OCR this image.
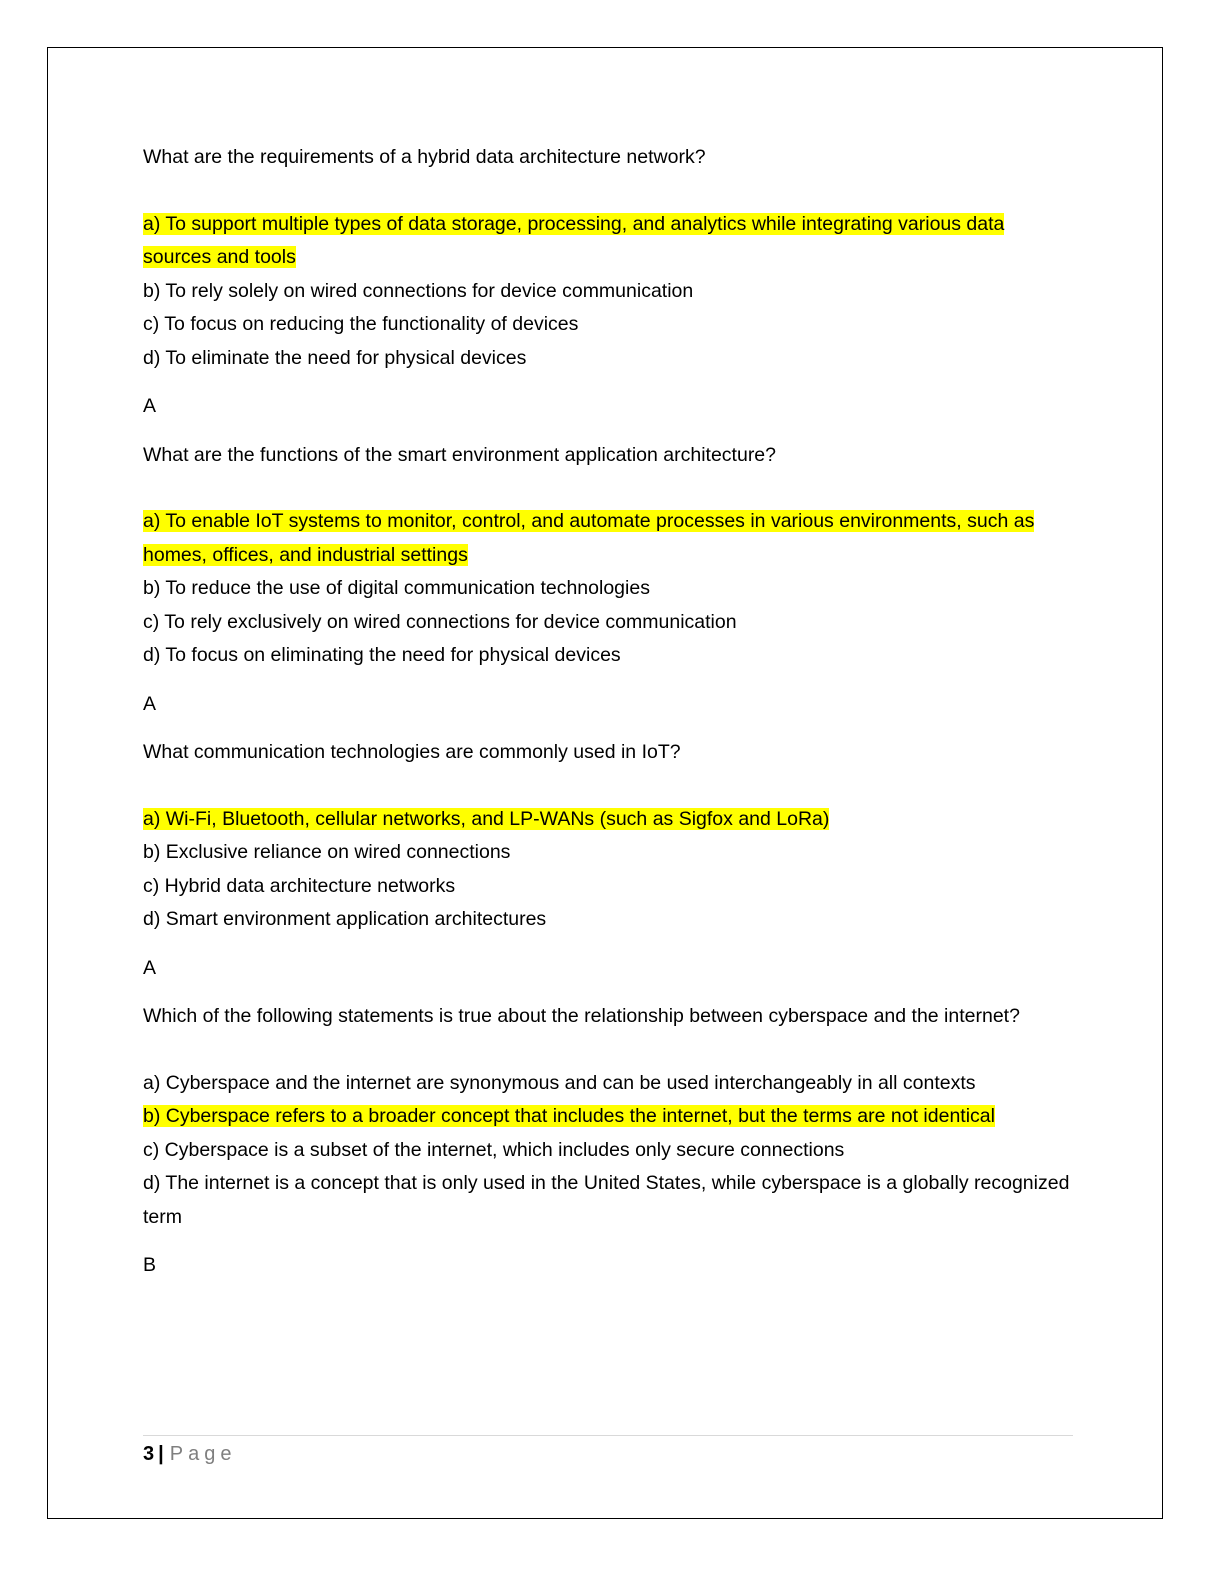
What are the requirements of a hybrid data architecture network?

a) To support multiple types of data storage, processing, and analytics while integrating various data sources and tools
b) To rely solely on wired connections for device communication
c) To focus on reducing the functionality of devices
d) To eliminate the need for physical devices

A

What are the functions of the smart environment application architecture?

a) To enable IoT systems to monitor, control, and automate processes in various environments, such as homes, offices, and industrial settings
b) To reduce the use of digital communication technologies
c) To rely exclusively on wired connections for device communication
d) To focus on eliminating the need for physical devices

A

What communication technologies are commonly used in IoT?

a) Wi-Fi, Bluetooth, cellular networks, and LP-WANs (such as Sigfox and LoRa)
b) Exclusive reliance on wired connections
c) Hybrid data architecture networks
d) Smart environment application architectures

A

Which of the following statements is true about the relationship between cyberspace and the internet?

a) Cyberspace and the internet are synonymous and can be used interchangeably in all contexts
b) Cyberspace refers to a broader concept that includes the internet, but the terms are not identical
c) Cyberspace is a subset of the internet, which includes only secure connections
d) The internet is a concept that is only used in the United States, while cyberspace is a globally recognized term

B

3 | Page
